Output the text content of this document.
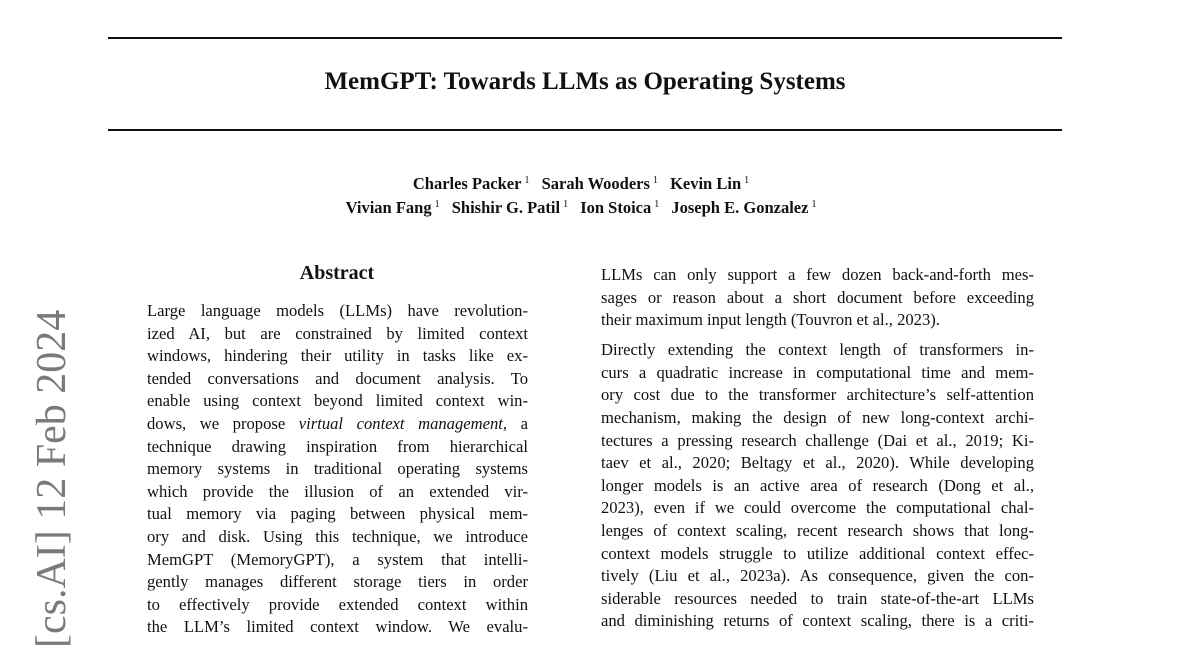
[cs.AI] 12 Feb 2024
MemGPT: Towards LLMs as Operating Systems
Charles Packer $^1$ Sarah Wooders $^1$ Kevin Lin $^1$
Vivian Fang $^1$ Shishir G. Patil $^1$ Ion Stoica $^1$ Joseph E. Gonzalez $^1$
Abstract
Large language models (LLMs) have revolution-
ized AI, but are constrained by limited context
windows, hindering their utility in tasks like ex-
tended conversations and document analysis. To
enable using context beyond limited context win-
dows, we propose virtual context management, a
technique drawing inspiration from hierarchical
memory systems in traditional operating systems
which provide the illusion of an extended vir-
tual memory via paging between physical mem-
ory and disk. Using this technique, we introduce
MemGPT (MemoryGPT), a system that intelli-
gently manages different storage tiers in order
to effectively provide extended context within
the LLM’s limited context window. We evalu-
LLMs can only support a few dozen back-and-forth mes-
sages or reason about a short document before exceeding
their maximum input length (Touvron et al., 2023).
Directly extending the context length of transformers in-
curs a quadratic increase in computational time and mem-
ory cost due to the transformer architecture’s self-attention
mechanism, making the design of new long-context archi-
tectures a pressing research challenge (Dai et al., 2019; Ki-
taev et al., 2020; Beltagy et al., 2020). While developing
longer models is an active area of research (Dong et al.,
2023), even if we could overcome the computational chal-
lenges of context scaling, recent research shows that long-
context models struggle to utilize additional context effec-
tively (Liu et al., 2023a). As consequence, given the con-
siderable resources needed to train state-of-the-art LLMs
and diminishing returns of context scaling, there is a criti-
